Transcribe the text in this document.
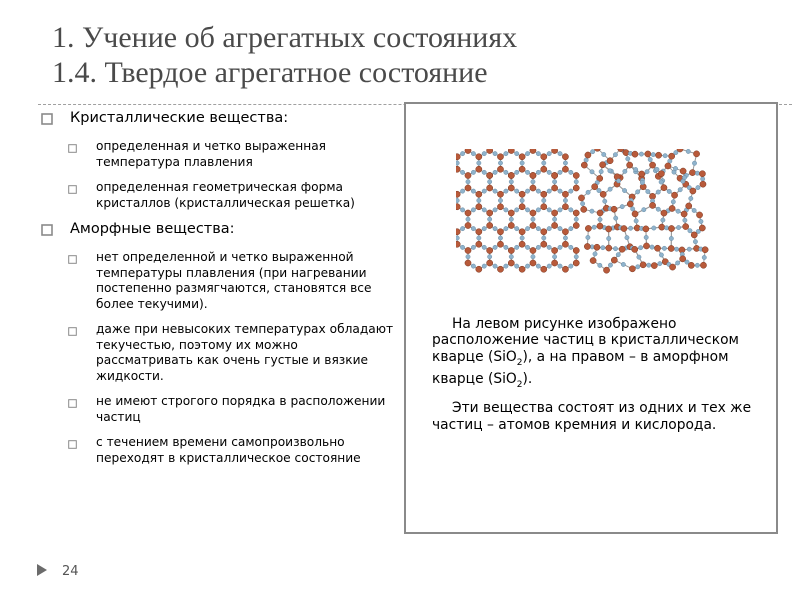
1. Учение об агрегатных состояниях
1.4. Твердое агрегатное состояние
Кристаллические вещества:
определенная и четко выраженная температура плавления
определенная геометрическая форма кристаллов (кристаллическая решетка)
Аморфные вещества:
нет определенной и четко выраженной температуры плавления (при нагревании постепенно размягчаются, становятся все более текучими).
даже при невысоких температурах обладают текучестью, поэтому их можно рассматривать как очень густые и вязкие жидкости.
не имеют строгого порядка в расположении частиц
с течением времени самопроизвольно переходят в кристаллическое состояние

На левом рисунке изображено расположение частиц в кристаллическом кварце (SiO$_2$), а на правом – в аморфном кварце (SiO$_2$).

Эти вещества состоят из одних и тех же частиц – атомов кремния и кислорода.

24
